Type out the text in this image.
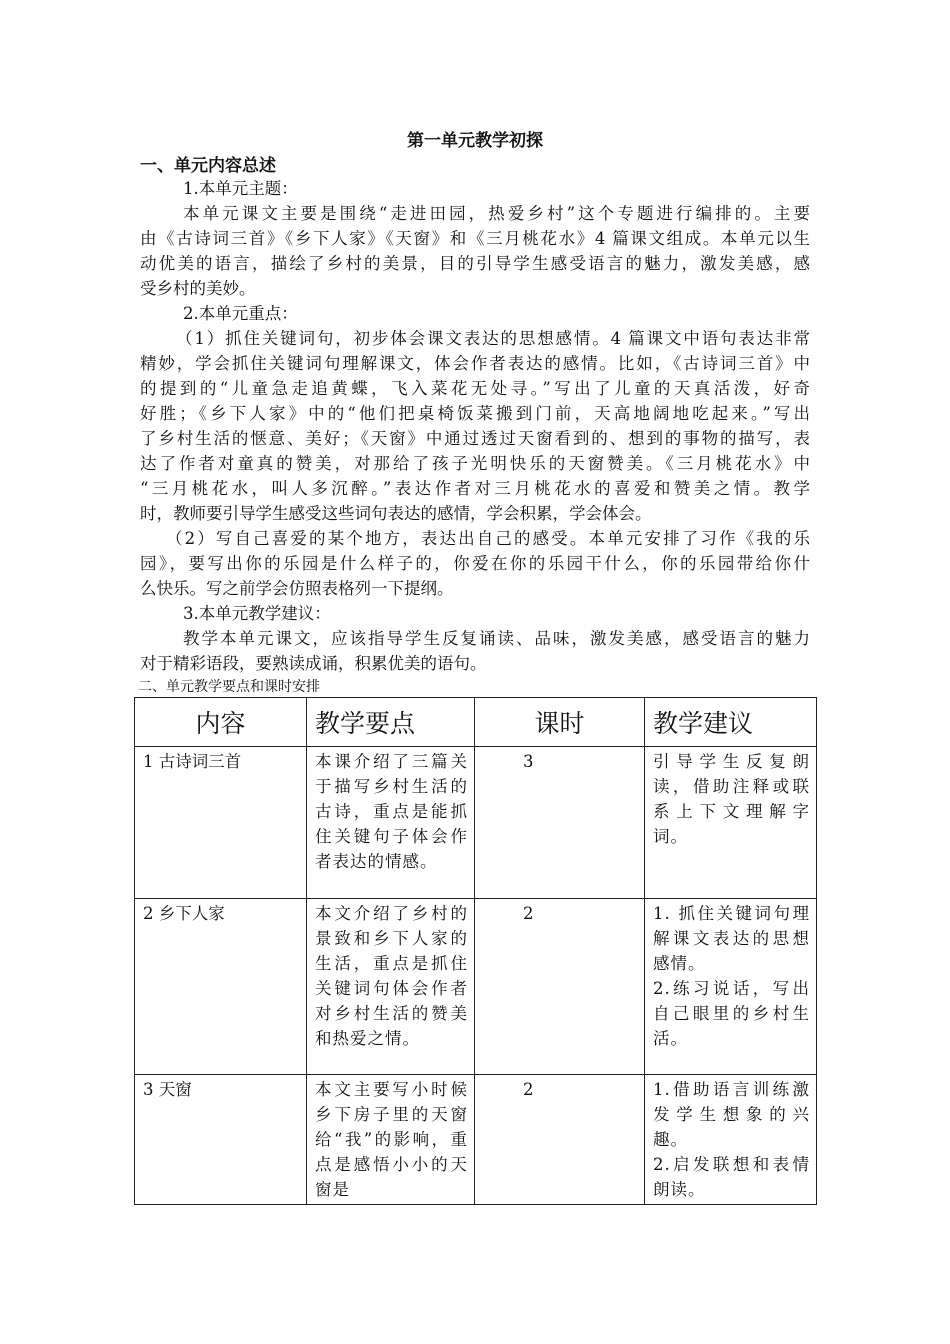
第一单元教学初探
一、单元内容总述
1.本单元主题：
本单元课文主要是围绕“走进田园，热爱乡村”这个专题进行编排的。主要
由《古诗词三首》《乡下人家》《天窗》和《三月桃花水》4 篇课文组成。本单元以生
动优美的语言，描绘了乡村的美景，目的引导学生感受语言的魅力，激发美感，感
受乡村的美妙。
2.本单元重点：
（1）抓住关键词句，初步体会课文表达的思想感情。4 篇课文中语句表达非常
精妙，学会抓住关键词句理解课文，体会作者表达的感情。比如，《古诗词三首》中
的提到的“儿童急走追黄蝶，飞入菜花无处寻。”写出了儿童的天真活泼，好奇
好胜；《乡下人家》中的“他们把桌椅饭菜搬到门前，天高地阔地吃起来。”写出
了乡村生活的惬意、美好；《天窗》中通过透过天窗看到的、想到的事物的描写，表
达了作者对童真的赞美，对那给了孩子光明快乐的天窗赞美。《三月桃花水》中
“三月桃花水，叫人多沉醉。”表达作者对三月桃花水的喜爱和赞美之情。教学
时，教师要引导学生感受这些词句表达的感情，学会积累，学会体会。
（2）写自己喜爱的某个地方，表达出自己的感受。本单元安排了习作《我的乐
园》，要写出你的乐园是什么样子的，你爱在你的乐园干什么，你的乐园带给你什
么快乐。写之前学会仿照表格列一下提纲。
3.本单元教学建议：
教学本单元课文，应该指导学生反复诵读、品味，激发美感，感受语言的魅力
对于精彩语段，要熟读成诵，积累优美的语句。
二、单元教学要点和课时安排
内容	教学要点	课时	教学建议
1 古诗词三首	本课介绍了三篇关于描写乡村生活的古诗，重点是能抓住关键句子体会作者表达的情感。	3	引导学生反复朗读，借助注释或联系上下文理解字词。

2 乡下人家	本文介绍了乡村的景致和乡下人家的生活，重点是抓住关键词句体会作者对乡村生活的赞美和热爱之情。	2	1. 抓住关键词句理解课文表达的思想感情。

2.练习说话，写出自己眼里的乡村生活。

3 天窗	本文主要写小时候乡下房子里的天窗给“我”的影响，重点是感悟小小的天窗是	2	1.借助语言训练激发学生想象的兴趣。

2.启发联想和表情朗读。
